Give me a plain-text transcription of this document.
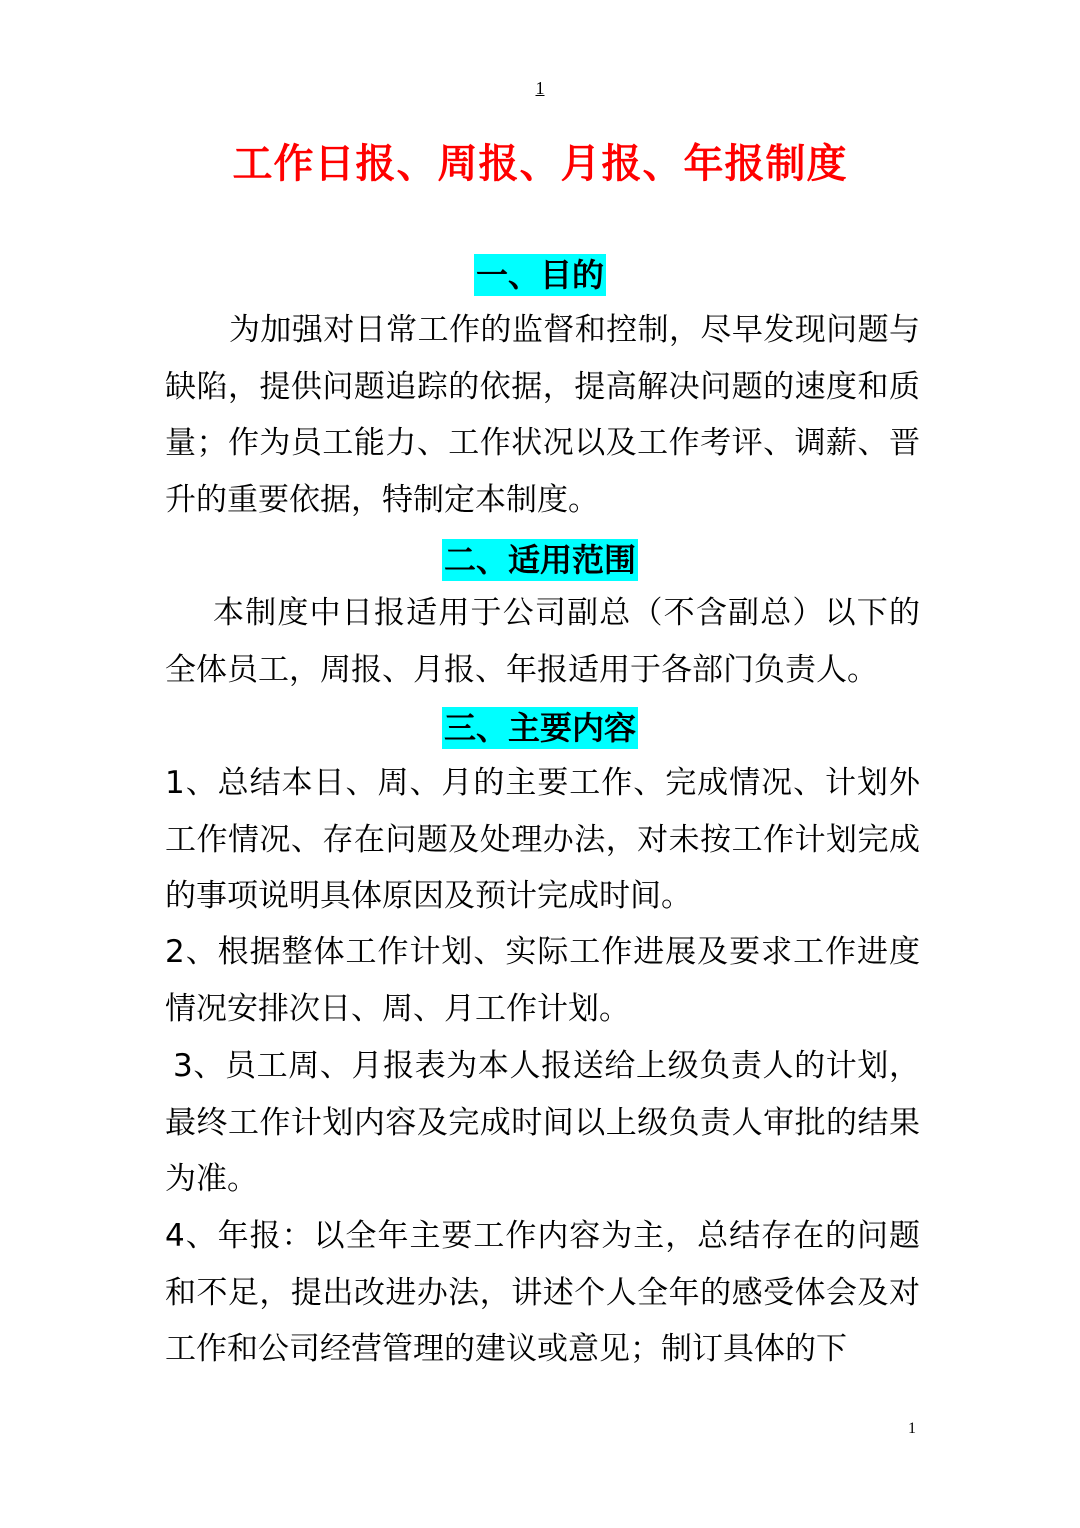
1
工作日报、周报、月报、年报制度
一、目的
为加强对日常工作的监督和控制，尽早发现问题与缺陷，提供问题追踪的依据，提高解决问题的速度和质量；作为员工能力、工作状况以及工作考评、调薪、晋升的重要依据，特制定本制度。
二、适用范围
本制度中日报适用于公司副总（不含副总）以下的全体员工，周报、月报、年报适用于各部门负责人。
三、主要内容
1、总结本日、周、月的主要工作、完成情况、计划外工作情况、存在问题及处理办法，对未按工作计划完成的事项说明具体原因及预计完成时间。
2、根据整体工作计划、实际工作进展及要求工作进度情况安排次日、周、月工作计划。
3、员工周、月报表为本人报送给上级负责人的计划，最终工作计划内容及完成时间以上级负责人审批的结果为准。
4、年报：以全年主要工作内容为主，总结存在的问题和不足，提出改进办法，讲述个人全年的感受体会及对工作和公司经营管理的建议或意见；制订具体的下
1
